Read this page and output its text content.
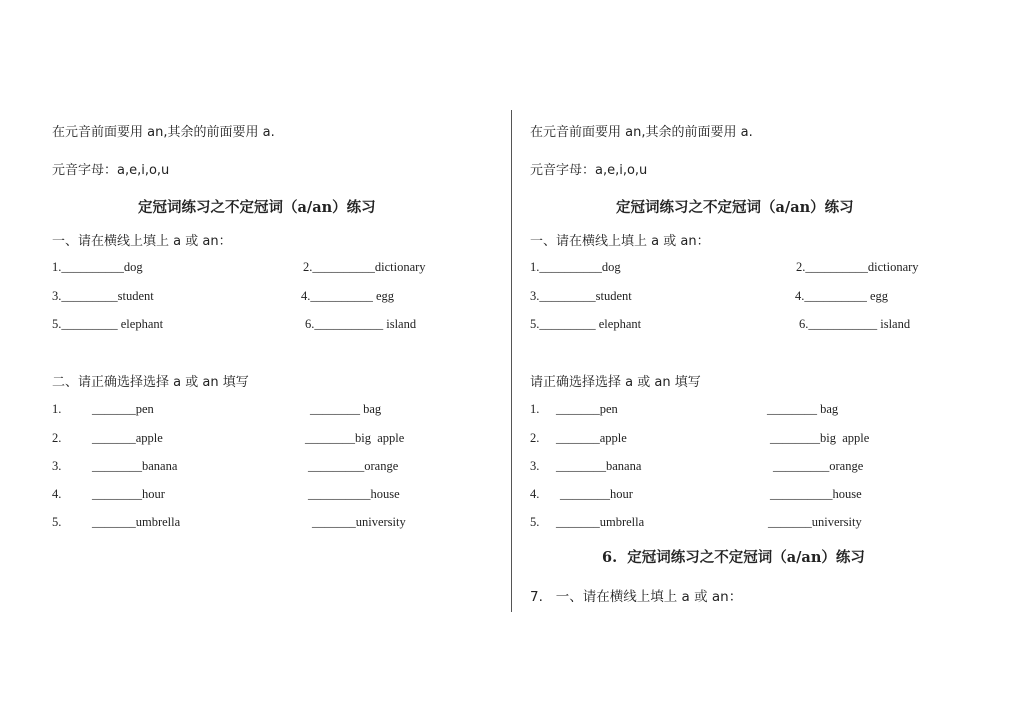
在元音前面要用 an,其余的前面要用 a.
元音字母：a,e,i,o,u
定冠词练习之不定冠词（a/an）练习
一、请在横线上填上 a 或 an：
1.__________dog	2.__________dictionary
3._________student	4.__________ egg
5._________ elephant	6.___________ island
二、请正确选择选择 a 或 an 填写
1. _______pen	________ bag
2. _______apple	________big  apple
3. ________banana	_________orange
4. ________hour	__________house
5. _______umbrella	_______university
在元音前面要用 an,其余的前面要用 a.
元音字母：a,e,i,o,u
定冠词练习之不定冠词（a/an）练习
一、请在横线上填上 a 或 an：
1.__________dog	2.__________dictionary
3._________student	4.__________ egg
5._________ elephant	6.___________ island
请正确选择选择 a 或 an 填写
1. _______pen	________ bag
2. _______apple	________big  apple
3. ________banana	_________orange
4. ________hour	__________house
5. _______umbrella	_______university
6.  定冠词练习之不定冠词（a/an）练习
7.   一、请在横线上填上 a 或 an：
